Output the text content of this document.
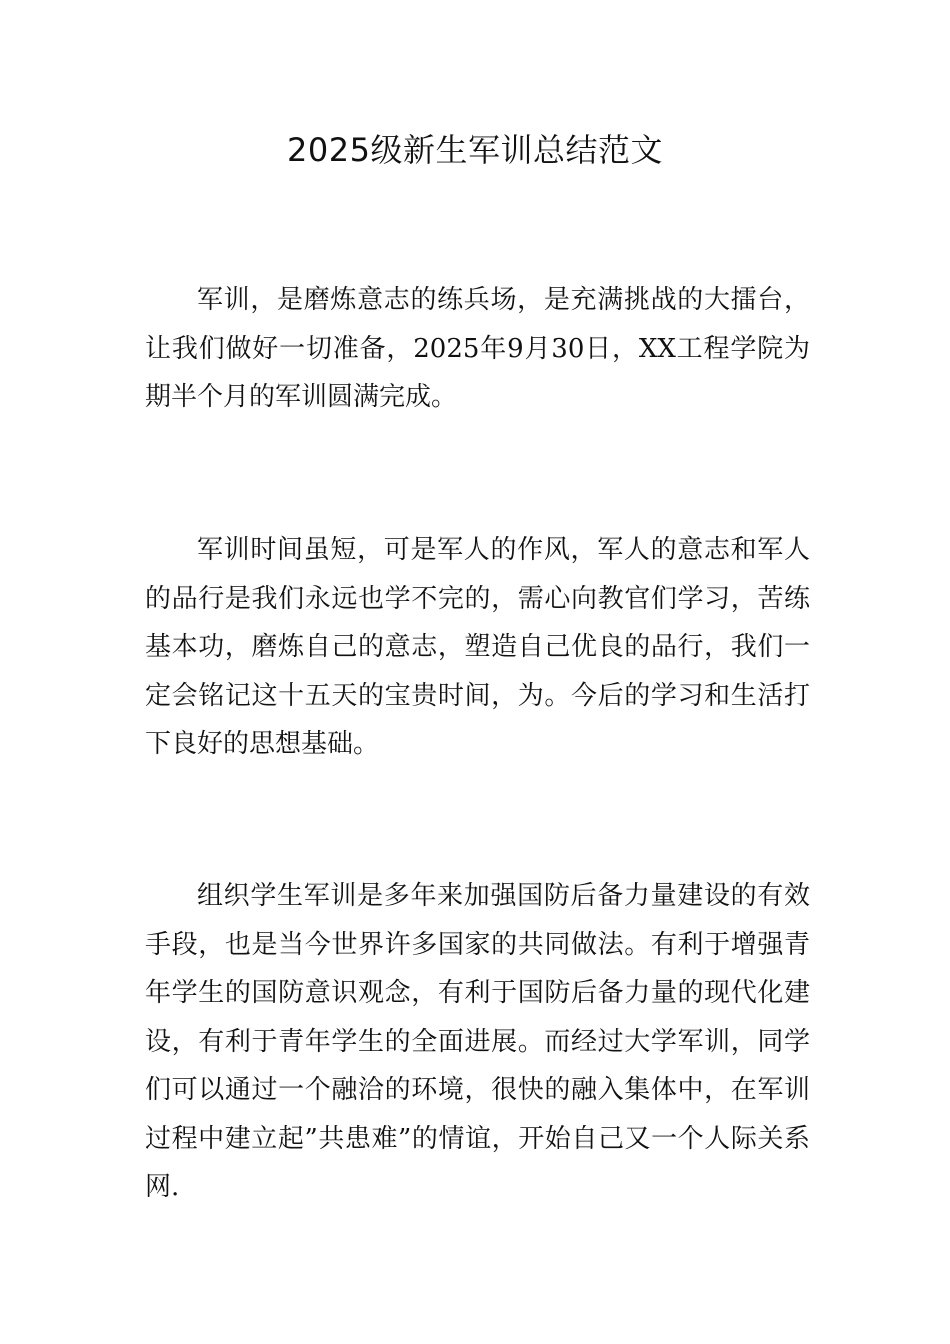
2025级新生军训总结范文

军训，是磨炼意志的练兵场，是充满挑战的大擂台，让我们做好一切准备，2025年9月30日，XX工程学院为期半个月的军训圆满完成。

军训时间虽短，可是军人的作风，军人的意志和军人的品行是我们永远也学不完的，需心向教官们学习，苦练基本功，磨炼自己的意志，塑造自己优良的品行，我们一定会铭记这十五天的宝贵时间，为。今后的学习和生活打下良好的思想基础。

组织学生军训是多年来加强国防后备力量建设的有效手段，也是当今世界许多国家的共同做法。有利于增强青年学生的国防意识观念，有利于国防后备力量的现代化建设，有利于青年学生的全面进展。而经过大学军训，同学们可以通过一个融洽的环境，很快的融入集体中，在军训过程中建立起”共患难”的情谊，开始自己又一个人际关系网.
